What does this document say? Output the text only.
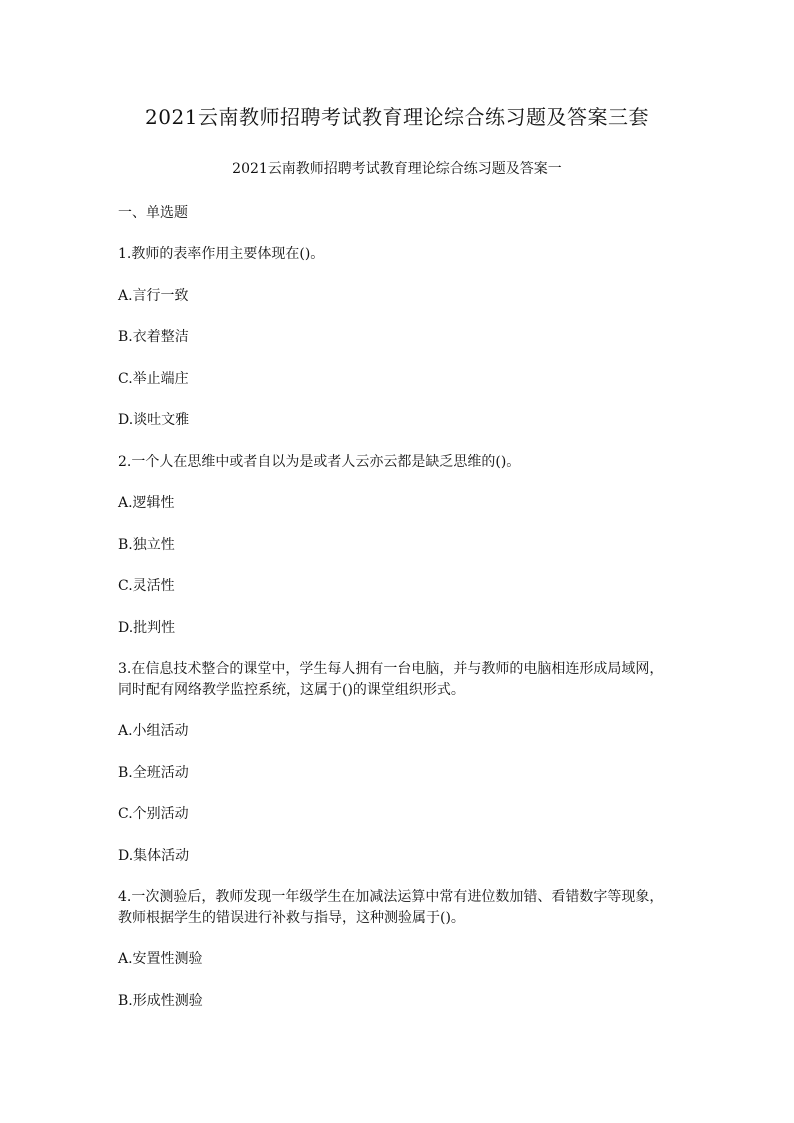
2021云南教师招聘考试教育理论综合练习题及答案三套
2021云南教师招聘考试教育理论综合练习题及答案一
一、单选题
1.教师的表率作用主要体现在()。
A.言行一致
B.衣着整洁
C.举止端庄
D.谈吐文雅
2.一个人在思维中或者自以为是或者人云亦云都是缺乏思维的()。
A.逻辑性
B.独立性
C.灵活性
D.批判性
3.在信息技术整合的课堂中，学生每人拥有一台电脑，并与教师的电脑相连形成局域网，
同时配有网络教学监控系统，这属于()的课堂组织形式。
A.小组活动
B.全班活动
C.个别活动
D.集体活动
4.一次测验后，教师发现一年级学生在加减法运算中常有进位数加错、看错数字等现象，
教师根据学生的错误进行补救与指导，这种测验属于()。
A.安置性测验
B.形成性测验
